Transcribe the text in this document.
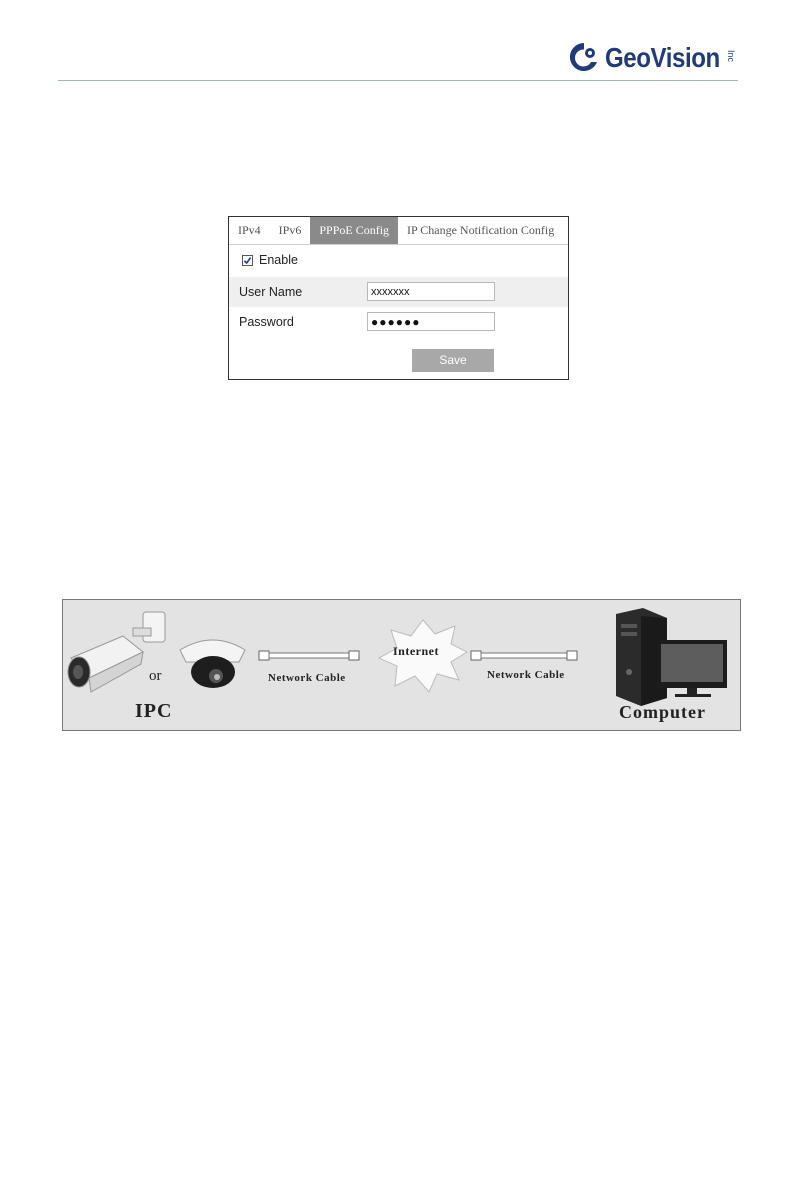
GeoVision Inc
IPv4	IPv6	PPPoE Config	IP Change Notification Config
Enable
User Name	xxxxxxx
Password	●●●●●●
Save
or
IPC
Network Cable
Internet
Network Cable
Computer
